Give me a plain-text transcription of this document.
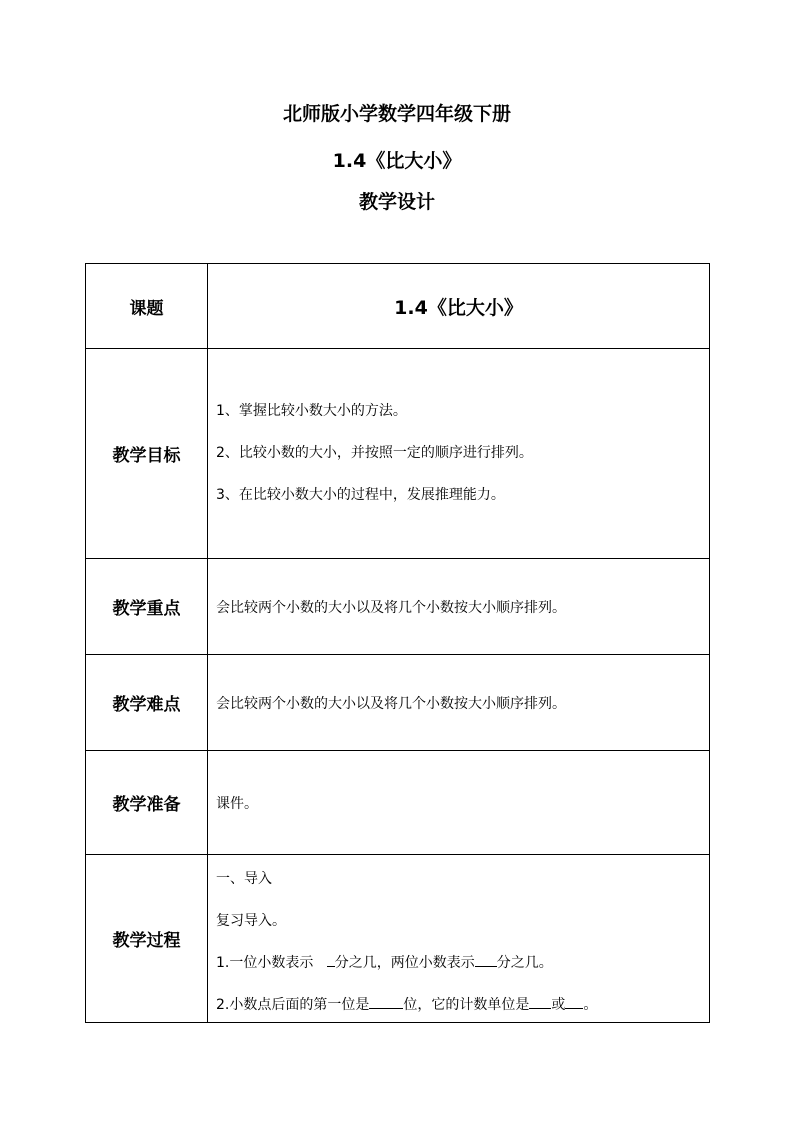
北师版小学数学四年级下册
1.4《比大小》
教学设计
课题	1.4《比大小》
教学目标	1、掌握比较小数大小的方法。

2、比较小数的大小，并按照一定的顺序进行排列。

3、在比较小数大小的过程中，发展推理能力。

教学重点	会比较两个小数的大小以及将几个小数按大小顺序排列。
教学难点	会比较两个小数的大小以及将几个小数按大小顺序排列。
教学准备	课件。
教学过程	一、导入

复习导入。

1.一位小数表示 分之几，两位小数表示 分之几。

2.小数点后面的第一位是 位，它的计数单位是 或 。
